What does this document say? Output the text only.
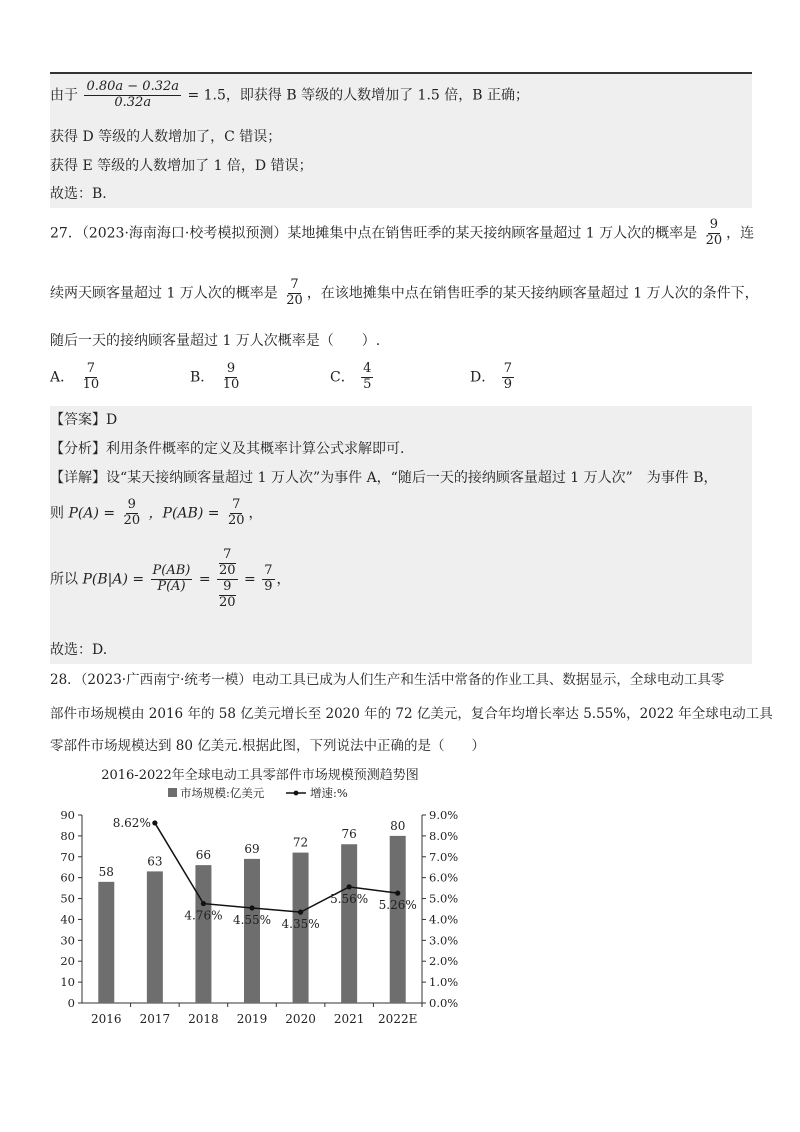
由于 $\frac{0.80a - 0.32a}{0.32a} = 1.5$，即获得 B 等级的人数增加了 1.5 倍，B 正确；
获得 D 等级的人数增加了，C 错误；
获得 E 等级的人数增加了 1 倍，D 错误；
故选：B.
27．（2023·海南海口·校考模拟预测）某地摊集中点在销售旺季的某天接纳顾客量超过 1 万人次的概率是 $\frac{9}{20}$ ，连
续两天顾客量超过 1 万人次的概率是 $\frac{7}{20}$ ，在该地摊集中点在销售旺季的某天接纳顾客量超过 1 万人次的条件下，
随后一天的接纳顾客量超过 1 万人次概率是（　　）.
A． $\frac{7}{10}$	B． $\frac{9}{10}$	C． $\frac{4}{5}$	D． $\frac{7}{9}$
【答案】D
【分析】利用条件概率的定义及其概率计算公式求解即可.
【详解】设“某天接纳顾客量超过 1 万人次”为事件 A，“随后一天的接纳顾客量超过 1 万人次”　为事件 B，
则 $P(A) = \frac{9}{20}$ ，$P(AB) = \frac{7}{20}$ ，
所以 $P(B|A) = \frac{P(AB)}{P(A)} = 7$
20
9
$20 = \frac{7}{9}$ ，
故选：D.
28．（2023·广西南宁·统考一模）电动工具已成为人们生产和生活中常备的作业工具、数据显示，全球电动工具零
部件市场规模由 2016 年的 58 亿美元增长至 2020 年的 72 亿美元，复合年均增长率达 5.55%，2022 年全球电动工具
零部件市场规模达到 80 亿美元.根据此图，下列说法中正确的是（　　）
2016-2022年全球电动工具零部件市场规模预测趋势图
市场规模:亿美元	增速:%
0
10
20
30
40
50
60
70
80
90
0.0%
1.0%
2.0%
3.0%
4.0%
5.0%
6.0%
7.0%
8.0%
9.0%
2016
58
2017
63
2018
66
2019
69
2020
72
2021
76
2022E
80
8.62%
4.76% 4.55% 4.35%
5.56% 5.26%
